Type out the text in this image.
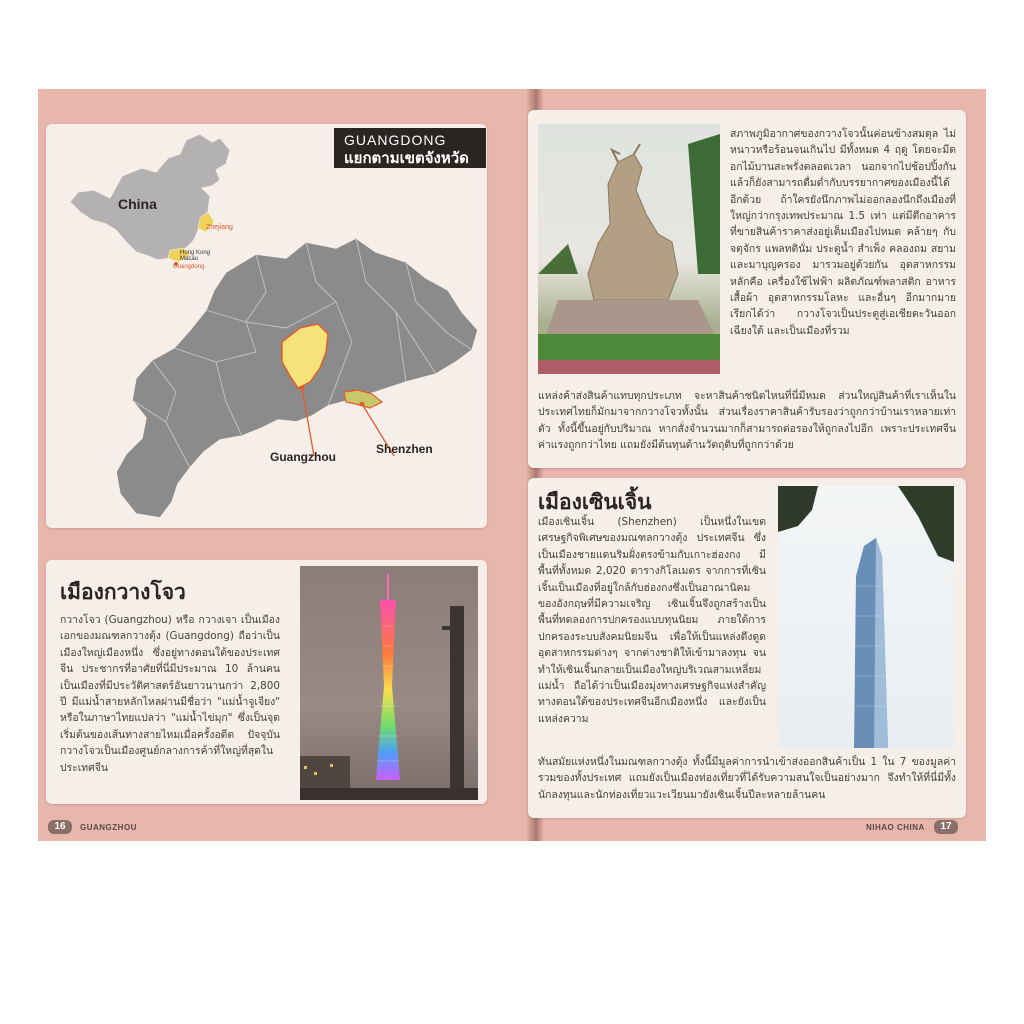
China
Zhejiang
Hong Kong
Macau
Guangdong
GUANGDONG
แยกตามเขตจังหวัด
Guangzhou
Shenzhen
เมืองกวางโจว

กวางโจว (Guangzhou) หรือ กวางเจา เป็นเมืองเอกของมณฑลกวางตุ้ง (Guangdong) ถือว่าเป็นเมืองใหญ่เมืองหนึ่ง ซึ่งอยู่ทางตอนใต้ของประเทศจีน ประชากรที่อาศัยที่นี่มีประมาณ 10 ล้านคน เป็นเมืองที่มีประวัติศาสตร์อันยาวนานกว่า 2,800 ปี มีแม่น้ำสายหลักไหลผ่านมีชื่อว่า "แม่น้ำจูเจียง" หรือในภาษาไทยแปลว่า "แม่น้ำไข่มุก" ซึ่งเป็นจุดเริ่มต้นของเส้นทางสายไหมเมื่อครั้งอดีต ปัจจุบันกวางโจวเป็นเมืองศูนย์กลางการค้าที่ใหญ่ที่สุดในประเทศจีน

16	GUANGZHOU

สภาพภูมิอากาศของกวางโจวนั้นค่อนข้างสมดุล ไม่หนาวหรือร้อนจนเกินไป มีทั้งหมด 4 ฤดู โดยจะมีดอกไม้บานสะพรั่งตลอดเวลา นอกจากไปช้อปปิ้งกันแล้วก็ยังสามารถดื่มด่ำกับบรรยากาศของเมืองนี้ได้อีกด้วย ถ้าใครยังนึกภาพไม่ออกลองนึกถึงเมืองที่ใหญ่กว่ากรุงเทพประมาณ 1.5 เท่า แต่มีตึกอาคารที่ขายสินค้าราคาส่งอยู่เต็มเมืองไปหมด คล้ายๆ กับจตุจักร แพลทตินั่ม ประตูน้ำ สำเพ็ง คลองถม สยาม และมาบุญครอง มารวมอยู่ด้วยกัน อุตสาหกรรมหลักคือ เครื่องใช้ไฟฟ้า ผลิตภัณฑ์พลาสติก อาหาร เสื้อผ้า อุตสาหกรรมโลหะ และอื่นๆ อีกมากมาย เรียกได้ว่า กวางโจวเป็นประตูสู่เอเชียตะวันออกเฉียงใต้ และเป็นเมืองที่รวม

แหล่งค้าส่งสินค้าแทบทุกประเภท จะหาสินค้าชนิดไหนที่นี่มีหมด ส่วนใหญ่สินค้าที่เราเห็นในประเทศไทยก็มักมาจากกวางโจวทั้งนั้น ส่วนเรื่องราคาสินค้ารับรองว่าถูกกว่าบ้านเราหลายเท่าตัว ทั้งนี้ขึ้นอยู่กับปริมาณ หากสั่งจำนวนมากก็สามารถต่อรองให้ถูกลงไปอีก เพราะประเทศจีนค่าแรงถูกกว่าไทย แถมยังมีต้นทุนด้านวัตถุดิบที่ถูกกว่าด้วย

เมืองเซินเจิ้น

เมืองเซินเจิ้น (Shenzhen) เป็นหนึ่งในเขตเศรษฐกิจพิเศษของมณฑลกวางตุ้ง ประเทศจีน ซึ่งเป็นเมืองชายแดนริมฝั่งตรงข้ามกับเกาะฮ่องกง มีพื้นที่ทั้งหมด 2,020 ตารางกิโลเมตร จากการที่เซินเจิ้นเป็นเมืองที่อยู่ใกล้กับฮ่องกงซึ่งเป็นอาณานิคมของอังกฤษที่มีความเจริญ เซินเจิ้นจึงถูกสร้างเป็นพื้นที่ทดลองการปกครองแบบทุนนิยม ภายใต้การปกครองระบบสังคมนิยมจีน เพื่อให้เป็นแหล่งดึงดูดอุตสาหกรรมต่างๆ จากต่างชาติให้เข้ามาลงทุน จนทำให้เซินเจิ้นกลายเป็นเมืองใหญ่บริเวณสามเหลี่ยมแม่น้ำ ถือได้ว่าเป็นเมืองมุ่งทางเศรษฐกิจแห่งสำคัญทางตอนใต้ของประเทศจีนอีกเมืองหนึ่ง และยังเป็นแหล่งความ

ทันสมัยแห่งหนึ่งในมณฑลกวางตุ้ง ทั้งนี้มีมูลค่าการนำเข้าส่งออกสินค้าเป็น 1 ใน 7 ของมูลค่ารวมของทั้งประเทศ แถมยังเป็นเมืองท่องเที่ยวที่ได้รับความสนใจเป็นอย่างมาก จึงทำให้ที่นี่มีทั้งนักลงทุนและนักท่องเที่ยวแวะเวียนมายังเซินเจิ้นปีละหลายล้านคน

NIHAO CHINA	17
